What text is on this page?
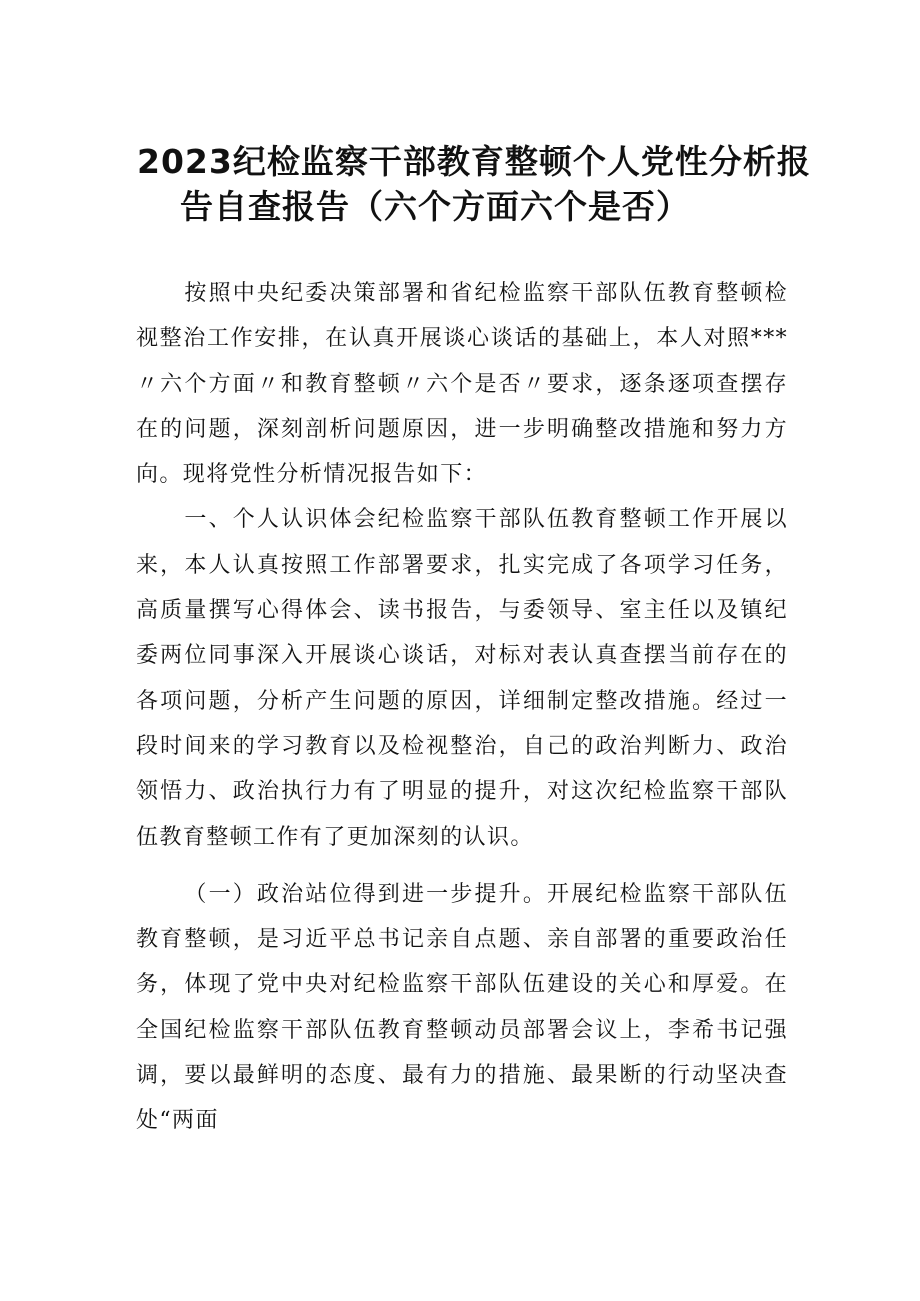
2023纪检监察干部教育整顿个人党性分析报
告自查报告（六个方面六个是否）

按照中央纪委决策部署和省纪检监察干部队伍教育整顿检视整治工作安排，在认真开展谈心谈话的基础上，本人对照***〃六个方面〃和教育整顿〃六个是否〃要求，逐条逐项查摆存在的问题，深刻剖析问题原因，进一步明确整改措施和努力方向。现将党性分析情况报告如下：

一、个人认识体会纪检监察干部队伍教育整顿工作开展以来，本人认真按照工作部署要求，扎实完成了各项学习任务，高质量撰写心得体会、读书报告，与委领导、室主任以及镇纪委两位同事深入开展谈心谈话，对标对表认真查摆当前存在的各项问题，分析产生问题的原因，详细制定整改措施。经过一段时间来的学习教育以及检视整治，自己的政治判断力、政治领悟力、政治执行力有了明显的提升，对这次纪检监察干部队伍教育整顿工作有了更加深刻的认识。

（一）政治站位得到进一步提升。开展纪检监察干部队伍教育整顿，是习近平总书记亲自点题、亲自部署的重要政治任务，体现了党中央对纪检监察干部队伍建设的关心和厚爱。在全国纪检监察干部队伍教育整顿动员部署会议上，李希书记强调，要以最鲜明的态度、最有力的措施、最果断的行动坚决查处“两面
